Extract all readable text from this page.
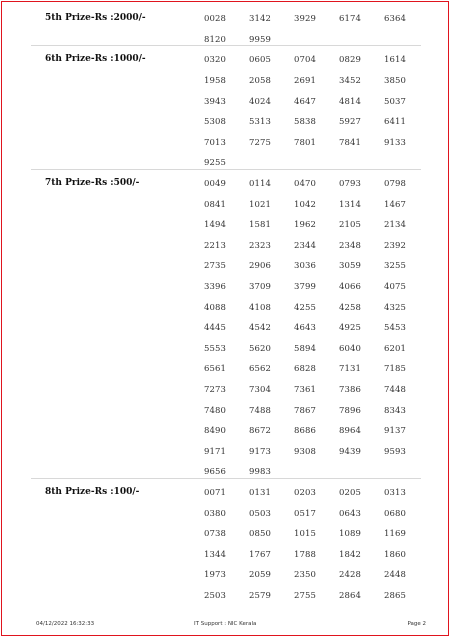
5th Prize-Rs :2000/-	0028	3142	3929	6174	6364
8120	9959
6th Prize-Rs :1000/-	0320	0605	0704	0829	1614
1958	2058	2691	3452	3850
3943	4024	4647	4814	5037
5308	5313	5838	5927	6411
7013	7275	7801	7841	9133
9255
7th Prize-Rs :500/-	0049	0114	0470	0793	0798
0841	1021	1042	1314	1467
1494	1581	1962	2105	2134
2213	2323	2344	2348	2392
2735	2906	3036	3059	3255
3396	3709	3799	4066	4075
4088	4108	4255	4258	4325
4445	4542	4643	4925	5453
5553	5620	5894	6040	6201
6561	6562	6828	7131	7185
7273	7304	7361	7386	7448
7480	7488	7867	7896	8343
8490	8672	8686	8964	9137
9171	9173	9308	9439	9593
9656	9983
8th Prize-Rs :100/-	0071	0131	0203	0205	0313
0380	0503	0517	0643	0680
0738	0850	1015	1089	1169
1344	1767	1788	1842	1860
1973	2059	2350	2428	2448
2503	2579	2755	2864	2865
04/12/2022 16:32:33	IT Support : NIC Kerala	Page 2
